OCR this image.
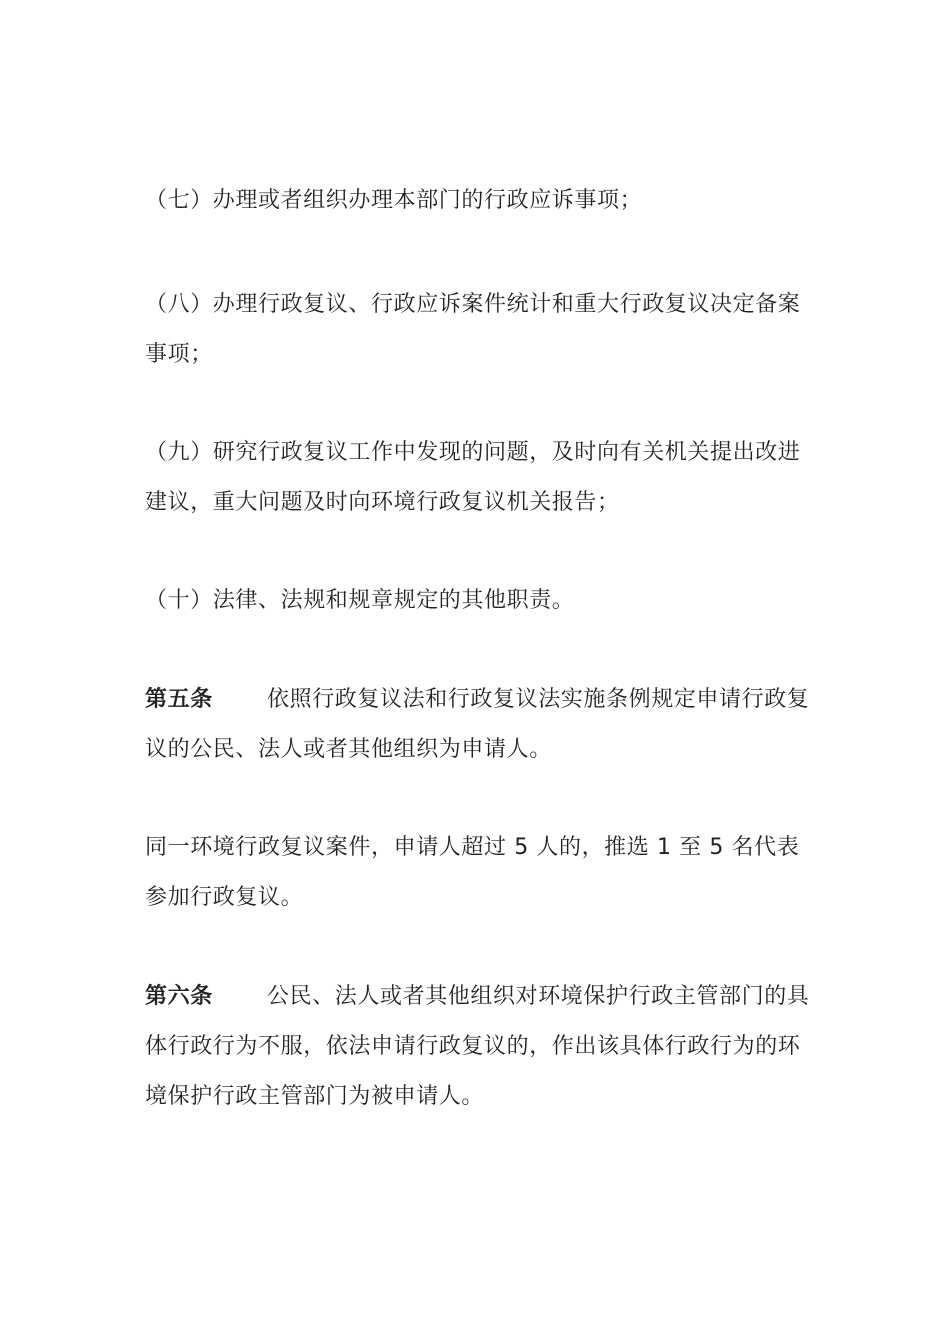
（七）办理或者组织办理本部门的行政应诉事项；

（八）办理行政复议、行政应诉案件统计和重大行政复议决定备案事项；

（九）研究行政复议工作中发现的问题，及时向有关机关提出改进建议，重大问题及时向环境行政复议机关报告；

（十）法律、法规和规章规定的其他职责。

第五条 依照行政复议法和行政复议法实施条例规定申请行政复议的公民、法人或者其他组织为申请人。

同一环境行政复议案件，申请人超过 5 人的，推选 1 至 5 名代表参加行政复议。

第六条 公民、法人或者其他组织对环境保护行政主管部门的具体行政行为不服，依法申请行政复议的，作出该具体行政行为的环境保护行政主管部门为被申请人。
